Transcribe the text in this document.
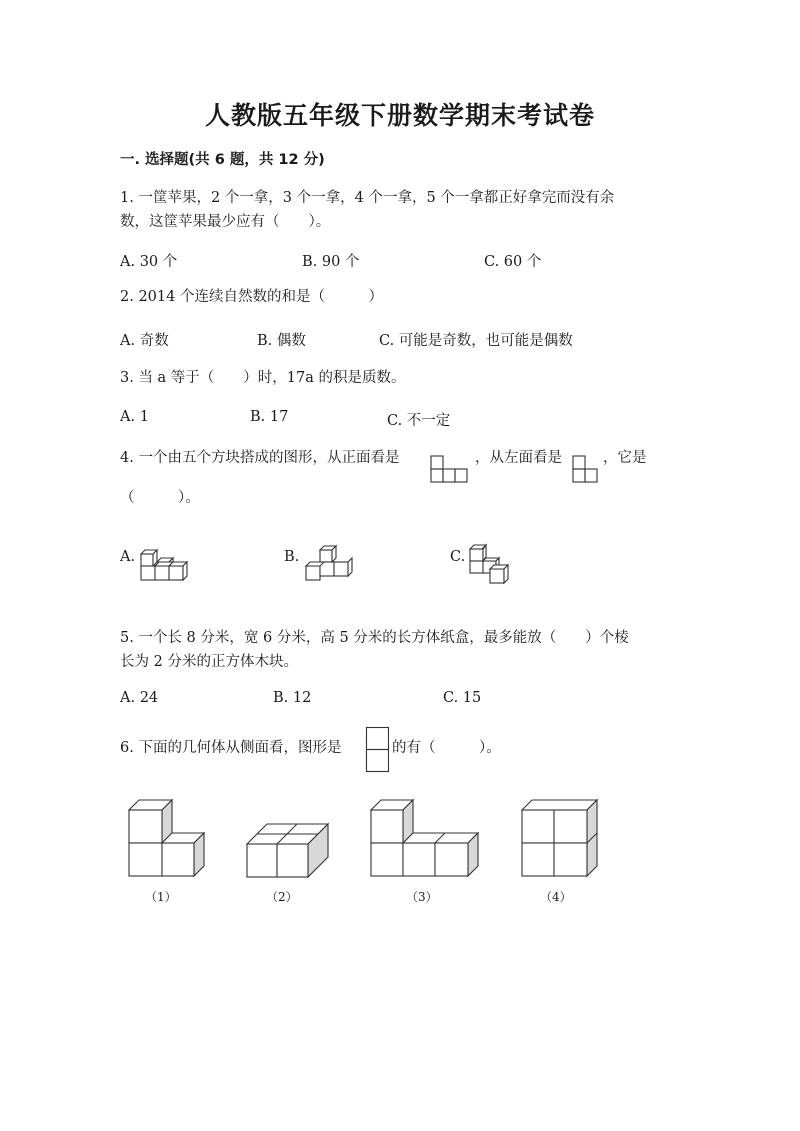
人教版五年级下册数学期末考试卷
一. 选择题(共 6 题，共 12 分)
1. 一筐苹果，2 个一拿，3 个一拿，4 个一拿，5 个一拿都正好拿完而没有余
数，这筐苹果最少应有（　　）。
A. 30 个	B. 90 个	C. 60 个
2. 2014 个连续自然数的和是（　　　）
A. 奇数	B. 偶数	C. 可能是奇数，也可能是偶数
3. 当 a 等于（　　）时，17a 的积是质数。
A. 1	B. 17	C. 不一定
4. 一个由五个方块搭成的图形，从正面看是	，从左面看是	，它是
（　　　）。
A.	B.	C.
5. 一个长 8 分米，宽 6 分米，高 5 分米的长方体纸盒，最多能放（　　）个棱
长为 2 分米的正方体木块。
A. 24	B. 12	C. 15
6. 下面的几何体从侧面看，图形是	的有（　　　）。
（1）	（2）	（3）	（4）
